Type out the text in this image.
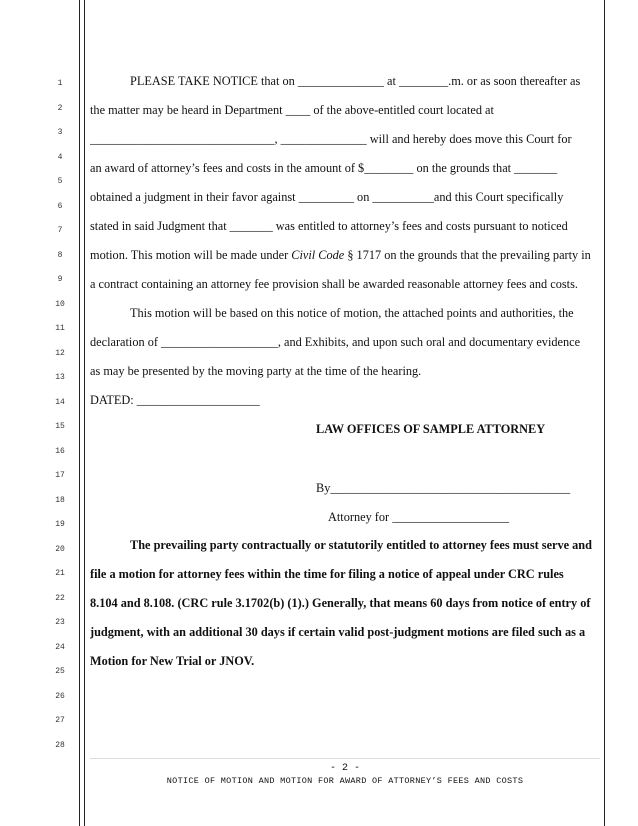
1
2
3
4
5
6
7
8
9
10
11
12
13
14
15
16
17
18
19
20
21
22
23
24
25
26
27
28
PLEASE TAKE NOTICE that on ______________ at ________.m. or as soon thereafter as
the matter may be heard in Department ____ of the above-entitled court located at
______________________________, ______________ will and hereby does move this Court for
an award of attorney’s fees and costs in the amount of $________ on the grounds that _______
obtained a judgment in their favor against _________ on __________and this Court specifically
stated in said Judgment that _______ was entitled to attorney’s fees and costs pursuant to noticed
motion. This motion will be made under Civil Code § 1717 on the grounds that the prevailing party in
a contract containing an attorney fee provision shall be awarded reasonable attorney fees and costs.
This motion will be based on this notice of motion, the attached points and authorities, the
declaration of ___________________, and Exhibits, and upon such oral and documentary evidence
as may be presented by the moving party at the time of the hearing.
DATED: ____________________
LAW OFFICES OF SAMPLE ATTORNEY
By_______________________________________
Attorney for ___________________
The prevailing party contractually or statutorily entitled to attorney fees must serve and
file a motion for attorney fees within the time for filing a notice of appeal under CRC rules
8.104 and 8.108. (CRC rule 3.1702(b) (1).) Generally, that means 60 days from notice of entry of
judgment, with an additional 30 days if certain valid post-judgment motions are filed such as a
Motion for New Trial or JNOV.
- 2 -
NOTICE OF MOTION AND MOTION FOR AWARD OF ATTORNEY’S FEES AND COSTS
